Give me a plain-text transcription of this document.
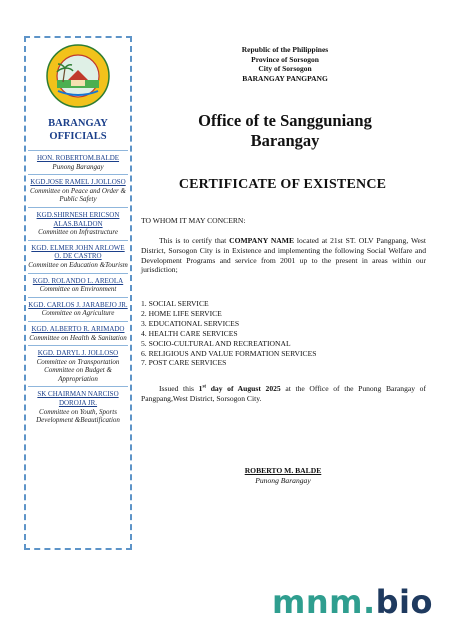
BARANGAY
OFFICIALS
HON. ROBERTOM.BALDE
Punong Barangay
KGD.JOSE RAMEL J.JOLLOSO
Committee on Peace and Order & Public Safety
KGD.SHIRNESH ERICSON ALAS.BALDON
Committee on Infrastructure
KGD. ELMER JOHN ARLOWE O. DE CASTRO
Committee on Education &Tourism
KGD. ROLANDO L. AREOLA
Committee on Environment
KGD. CARLOS J. JARABEJO JR.
Committee on Agriculture
KGD. ALBERTO R. ARIMADO
Committee on Health & Sanitation
KGD. DARYL J. JOLLOSO
Committee on Transportation Committee on Budget & Appropriation
SK CHAIRMAN NARCISO DOROJA JR.
Committee on Youth, Sports Development &Beautification
Republic of the Philippines
Province of Sorsogon
City of Sorsogon
BARANGAY PANGPANG
Office of te Sangguniang
Barangay
CERTIFICATE OF EXISTENCE
TO WHOM IT MAY CONCERN:
This is to certify that COMPANY NAME located at 21st ST. OLV Pangpang, West District, Sorsogon City is in Existence and implementing the following Social Welfare and Development Programs and service from 2001 up to the present in areas within our jurisdiction;
1. SOCIAL SERVICE
2. HOME LIFE SERVICE
3. EDUCATIONAL SERVICES
4. HEALTH CARE SERVICES
5. SOCIO-CULTURAL AND RECREATIONAL
6. RELIGIOUS AND VALUE FORMATION SERVICES
7. POST CARE SERVICES
Issued this 1st day of August 2025 at the Office of the Punong Barangay of Pangpang,West District, Sorsogon City.
ROBERTO M. BALDE
Punong Barangay
mnm.bio
